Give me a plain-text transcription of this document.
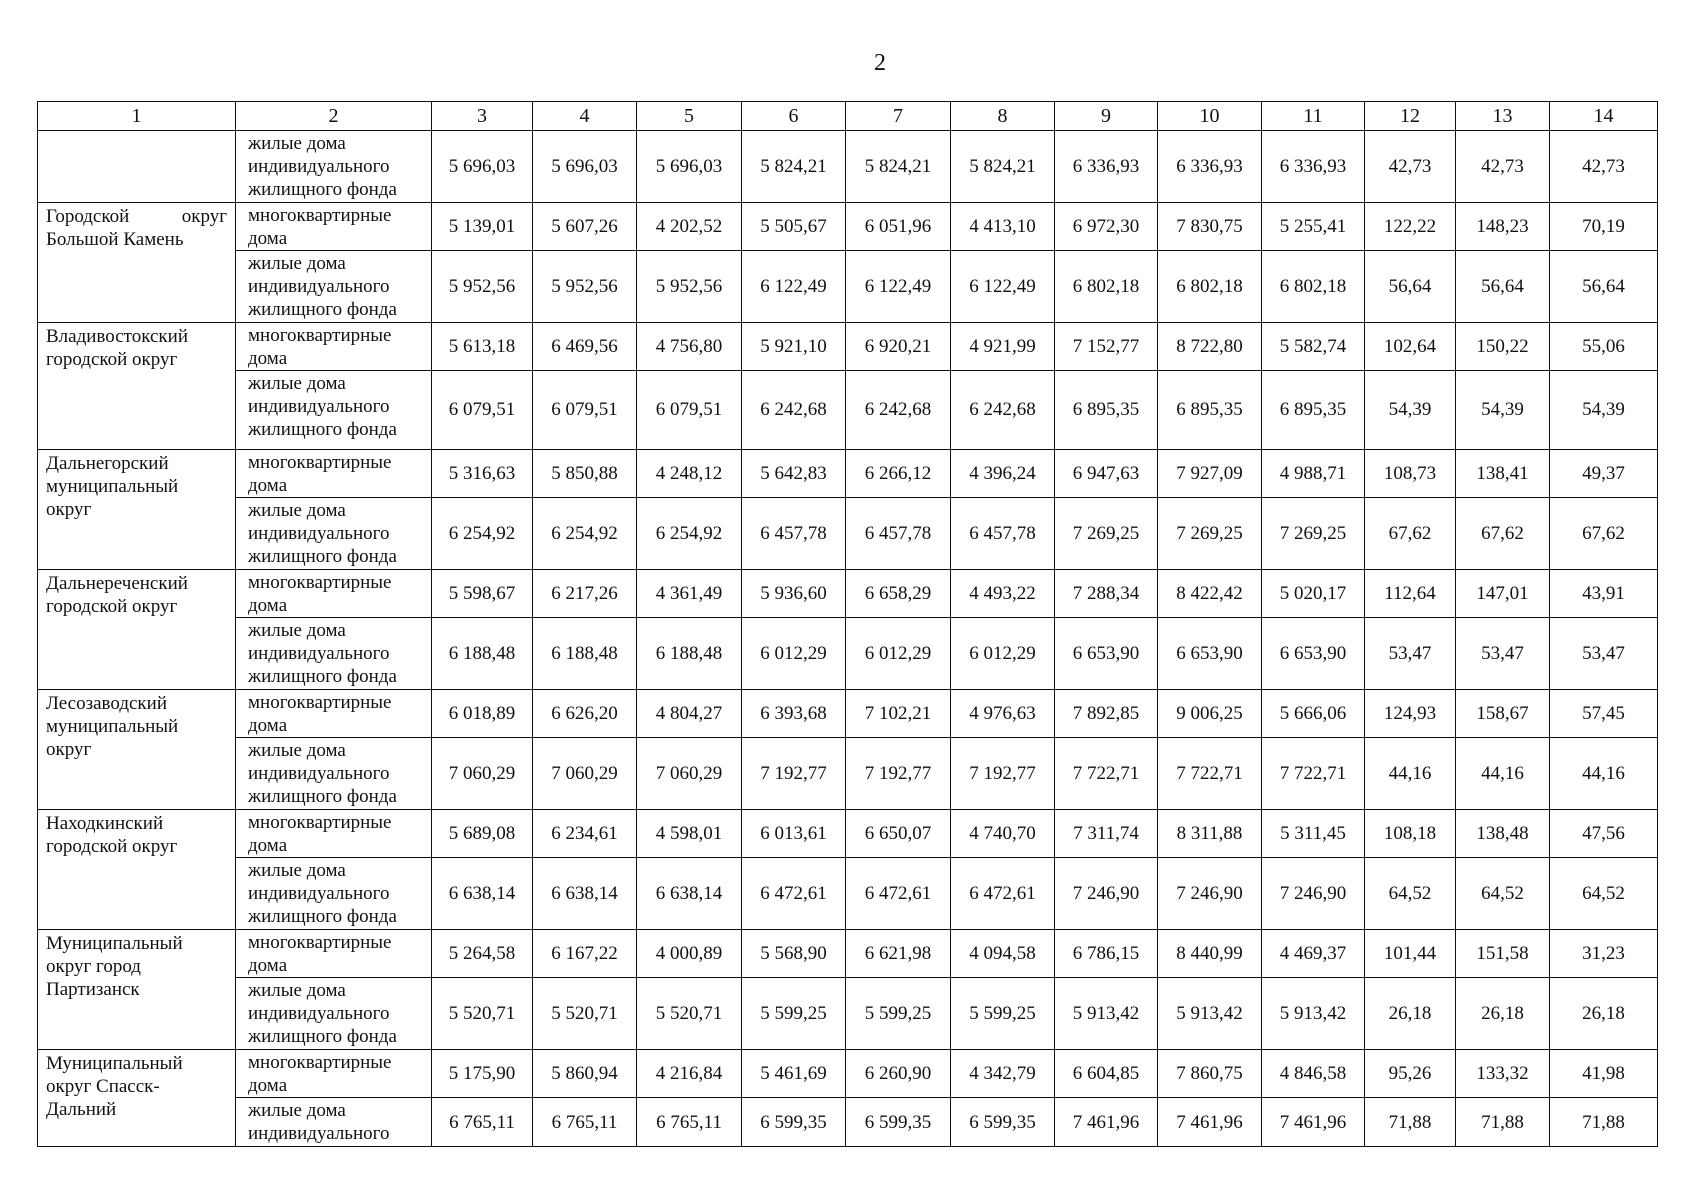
2
1	2	3	4	5	6	7	8	9	10	11	12	13	14
	жилые дома индивидуального жилищного фонда	5 696,03	5 696,03	5 696,03	5 824,21	5 824,21	5 824,21	6 336,93	6 336,93	6 336,93	42,73	42,73	42,73
Городской округ Большой Камень	многоквартирные дома	5 139,01	5 607,26	4 202,52	5 505,67	6 051,96	4 413,10	6 972,30	7 830,75	5 255,41	122,22	148,23	70,19
	жилые дома индивидуального жилищного фонда	5 952,56	5 952,56	5 952,56	6 122,49	6 122,49	6 122,49	6 802,18	6 802,18	6 802,18	56,64	56,64	56,64
Владивостокский городской округ	многоквартирные дома	5 613,18	6 469,56	4 756,80	5 921,10	6 920,21	4 921,99	7 152,77	8 722,80	5 582,74	102,64	150,22	55,06
	жилые дома индивидуального жилищного фонда	6 079,51	6 079,51	6 079,51	6 242,68	6 242,68	6 242,68	6 895,35	6 895,35	6 895,35	54,39	54,39	54,39
Дальнегорский муниципальный округ	многоквартирные дома	5 316,63	5 850,88	4 248,12	5 642,83	6 266,12	4 396,24	6 947,63	7 927,09	4 988,71	108,73	138,41	49,37
	жилые дома индивидуального жилищного фонда	6 254,92	6 254,92	6 254,92	6 457,78	6 457,78	6 457,78	7 269,25	7 269,25	7 269,25	67,62	67,62	67,62
Дальнереченский городской округ	многоквартирные дома	5 598,67	6 217,26	4 361,49	5 936,60	6 658,29	4 493,22	7 288,34	8 422,42	5 020,17	112,64	147,01	43,91
	жилые дома индивидуального жилищного фонда	6 188,48	6 188,48	6 188,48	6 012,29	6 012,29	6 012,29	6 653,90	6 653,90	6 653,90	53,47	53,47	53,47
Лесозаводский муниципальный округ	многоквартирные дома	6 018,89	6 626,20	4 804,27	6 393,68	7 102,21	4 976,63	7 892,85	9 006,25	5 666,06	124,93	158,67	57,45
	жилые дома индивидуального жилищного фонда	7 060,29	7 060,29	7 060,29	7 192,77	7 192,77	7 192,77	7 722,71	7 722,71	7 722,71	44,16	44,16	44,16
Находкинский городской округ	многоквартирные дома	5 689,08	6 234,61	4 598,01	6 013,61	6 650,07	4 740,70	7 311,74	8 311,88	5 311,45	108,18	138,48	47,56
	жилые дома индивидуального жилищного фонда	6 638,14	6 638,14	6 638,14	6 472,61	6 472,61	6 472,61	7 246,90	7 246,90	7 246,90	64,52	64,52	64,52
Муниципальный округ город Партизанск	многоквартирные дома	5 264,58	6 167,22	4 000,89	5 568,90	6 621,98	4 094,58	6 786,15	8 440,99	4 469,37	101,44	151,58	31,23
	жилые дома индивидуального жилищного фонда	5 520,71	5 520,71	5 520,71	5 599,25	5 599,25	5 599,25	5 913,42	5 913,42	5 913,42	26,18	26,18	26,18
Муниципальный округ Спасск-Дальний	многоквартирные дома	5 175,90	5 860,94	4 216,84	5 461,69	6 260,90	4 342,79	6 604,85	7 860,75	4 846,58	95,26	133,32	41,98
	жилые дома индивидуального	6 765,11	6 765,11	6 765,11	6 599,35	6 599,35	6 599,35	7 461,96	7 461,96	7 461,96	71,88	71,88	71,88
